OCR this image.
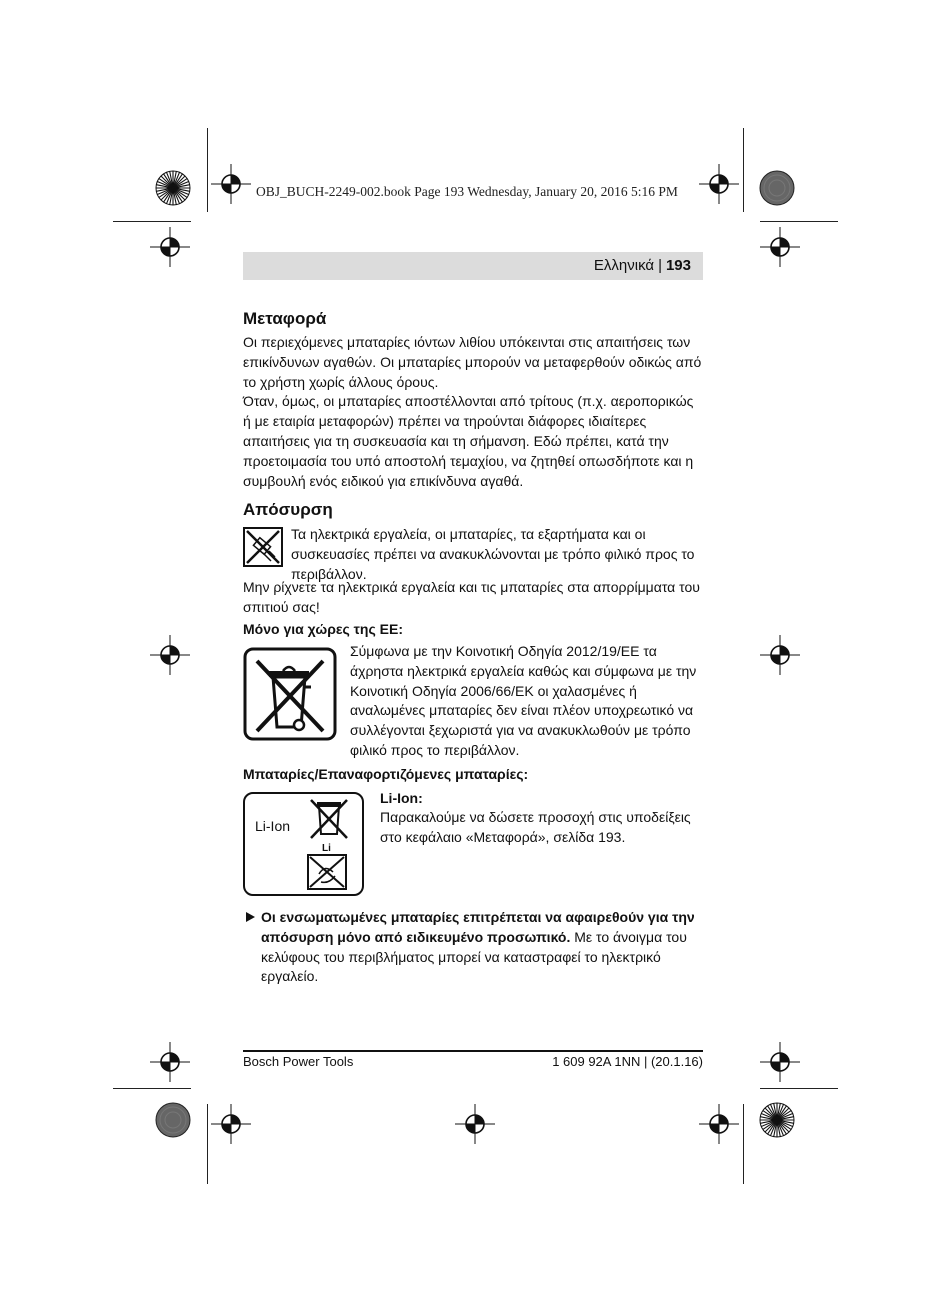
OBJ_BUCH-2249-002.book Page 193 Wednesday, January 20, 2016 5:16 PM
Ελληνικά | 193
Μεταφορά

Οι περιεχόμενες μπαταρίες ιόντων λιθίου υπόκεινται στις απαιτήσεις των επικίνδυνων αγαθών. Οι μπαταρίες μπορούν να μεταφερθούν οδικώς από το χρήστη χωρίς άλλους όρους.

Όταν, όμως, οι μπαταρίες αποστέλλονται από τρίτους (π.χ. αεροπορικώς ή με εταιρία μεταφορών) πρέπει να τηρούνται διάφορες ιδιαίτερες απαιτήσεις για τη συσκευασία και τη σήμανση. Εδώ πρέπει, κατά την προετοιμασία του υπό αποστολή τεμαχίου, να ζητηθεί οπωσδήποτε και η συμβουλή ενός ειδικού για επικίνδυνα αγαθά.

Απόσυρση
Τα ηλεκτρικά εργαλεία, οι μπαταρίες, τα εξαρτήματα και οι συσκευασίες πρέπει να ανακυκλώνονται με τρόπο φιλικό προς το περιβάλλον.
Μην ρίχνετε τα ηλεκτρικά εργαλεία και τις μπαταρίες στα απορρίμματα του σπιτιού σας!
Μόνο για χώρες της ΕΕ:
Σύμφωνα με την Κοινοτική Οδηγία 2012/19/ΕΕ τα άχρηστα ηλεκτρικά εργαλεία καθώς και σύμφωνα με την Κοινοτική Οδηγία 2006/66/ΕΚ οι χαλασμένες ή αναλωμένες μπαταρίες δεν είναι πλέον υποχρεωτικό να συλλέγονται ξεχωριστά για να ανακυκλωθούν με τρόπο φιλικό προς το περιβάλλον.
Μπαταρίες/Επαναφορτιζόμενες μπαταρίες:
Li-Ion
Li
Li-Ion:
Παρακαλούμε να δώσετε προσοχή στις υποδείξεις στο κεφάλαιο «Μεταφορά», σελίδα 193.
Οι ενσωματωμένες μπαταρίες επιτρέπεται να αφαιρεθούν για την απόσυρση μόνο από ειδικευμένο προσωπικό. Με το άνοιγμα του κελύφους του περιβλήματος μπορεί να καταστραφεί το ηλεκτρικό εργαλείο.
Bosch Power Tools	1 609 92A 1NN | (20.1.16)
